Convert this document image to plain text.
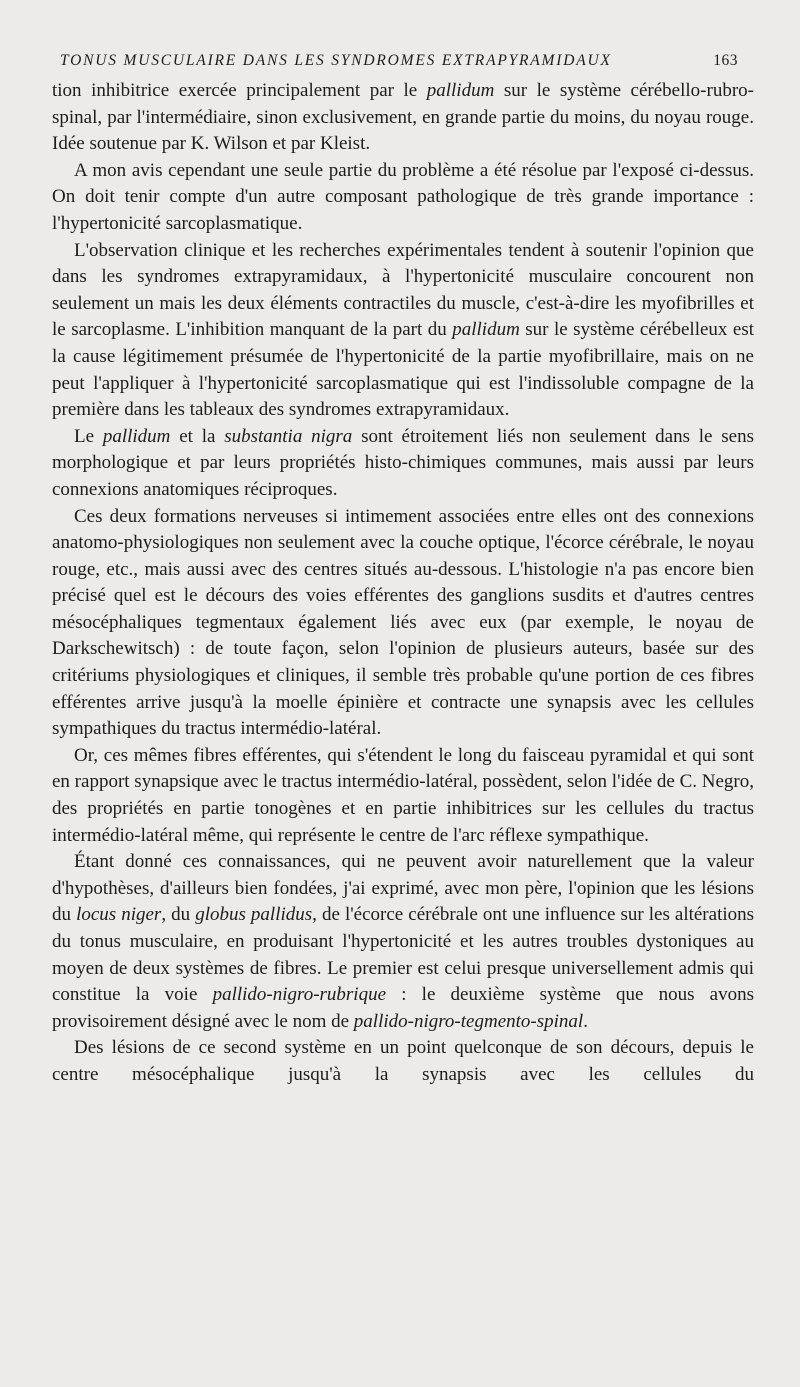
TONUS MUSCULAIRE DANS LES SYNDROMES EXTRAPYRAMIDAUX	163

tion inhibitrice exercée principalement par le pallidum sur le système cérébello-rubro-spinal, par l'intermédiaire, sinon exclusivement, en grande partie du moins, du noyau rouge. Idée soutenue par K. Wilson et par Kleist.

A mon avis cependant une seule partie du problème a été résolue par l'exposé ci-dessus. On doit tenir compte d'un autre composant pathologique de très grande importance : l'hypertonicité sarcoplasmatique.

L'observation clinique et les recherches expérimentales tendent à soutenir l'opinion que dans les syndromes extrapyramidaux, à l'hypertonicité musculaire concourent non seulement un mais les deux éléments contractiles du muscle, c'est-à-dire les myofibrilles et le sarcoplasme. L'inhibition manquant de la part du pallidum sur le système cérébelleux est la cause légitimement présumée de l'hypertonicité de la partie myofibrillaire, mais on ne peut l'appliquer à l'hypertonicité sarcoplasmatique qui est l'indissoluble compagne de la première dans les tableaux des syndromes extrapyramidaux.

Le pallidum et la substantia nigra sont étroitement liés non seulement dans le sens morphologique et par leurs propriétés histo-chimiques communes, mais aussi par leurs connexions anatomiques réciproques.

Ces deux formations nerveuses si intimement associées entre elles ont des connexions anatomo-physiologiques non seulement avec la couche optique, l'écorce cérébrale, le noyau rouge, etc., mais aussi avec des centres situés au-dessous. L'histologie n'a pas encore bien précisé quel est le décours des voies efférentes des ganglions susdits et d'autres centres mésocéphaliques tegmentaux également liés avec eux (par exemple, le noyau de Darkschewitsch) : de toute façon, selon l'opinion de plusieurs auteurs, basée sur des critériums physiologiques et cliniques, il semble très probable qu'une portion de ces fibres efférentes arrive jusqu'à la moelle épinière et contracte une synapsis avec les cellules sympathiques du tractus intermédio-latéral.

Or, ces mêmes fibres efférentes, qui s'étendent le long du faisceau pyramidal et qui sont en rapport synapsique avec le tractus intermédio-latéral, possèdent, selon l'idée de C. Negro, des propriétés en partie tonogènes et en partie inhibitrices sur les cellules du tractus intermédio-latéral même, qui représente le centre de l'arc réflexe sympathique.

Étant donné ces connaissances, qui ne peuvent avoir naturellement que la valeur d'hypothèses, d'ailleurs bien fondées, j'ai exprimé, avec mon père, l'opinion que les lésions du locus niger, du globus pallidus, de l'écorce cérébrale ont une influence sur les altérations du tonus musculaire, en produisant l'hypertonicité et les autres troubles dystoniques au moyen de deux systèmes de fibres. Le premier est celui presque universellement admis qui constitue la voie pallido-nigro-rubrique : le deuxième système que nous avons provisoirement désigné avec le nom de pallido-nigro-tegmento-spinal.

Des lésions de ce second système en un point quelconque de son décours, depuis le centre mésocéphalique jusqu'à la synapsis avec les cellules du
